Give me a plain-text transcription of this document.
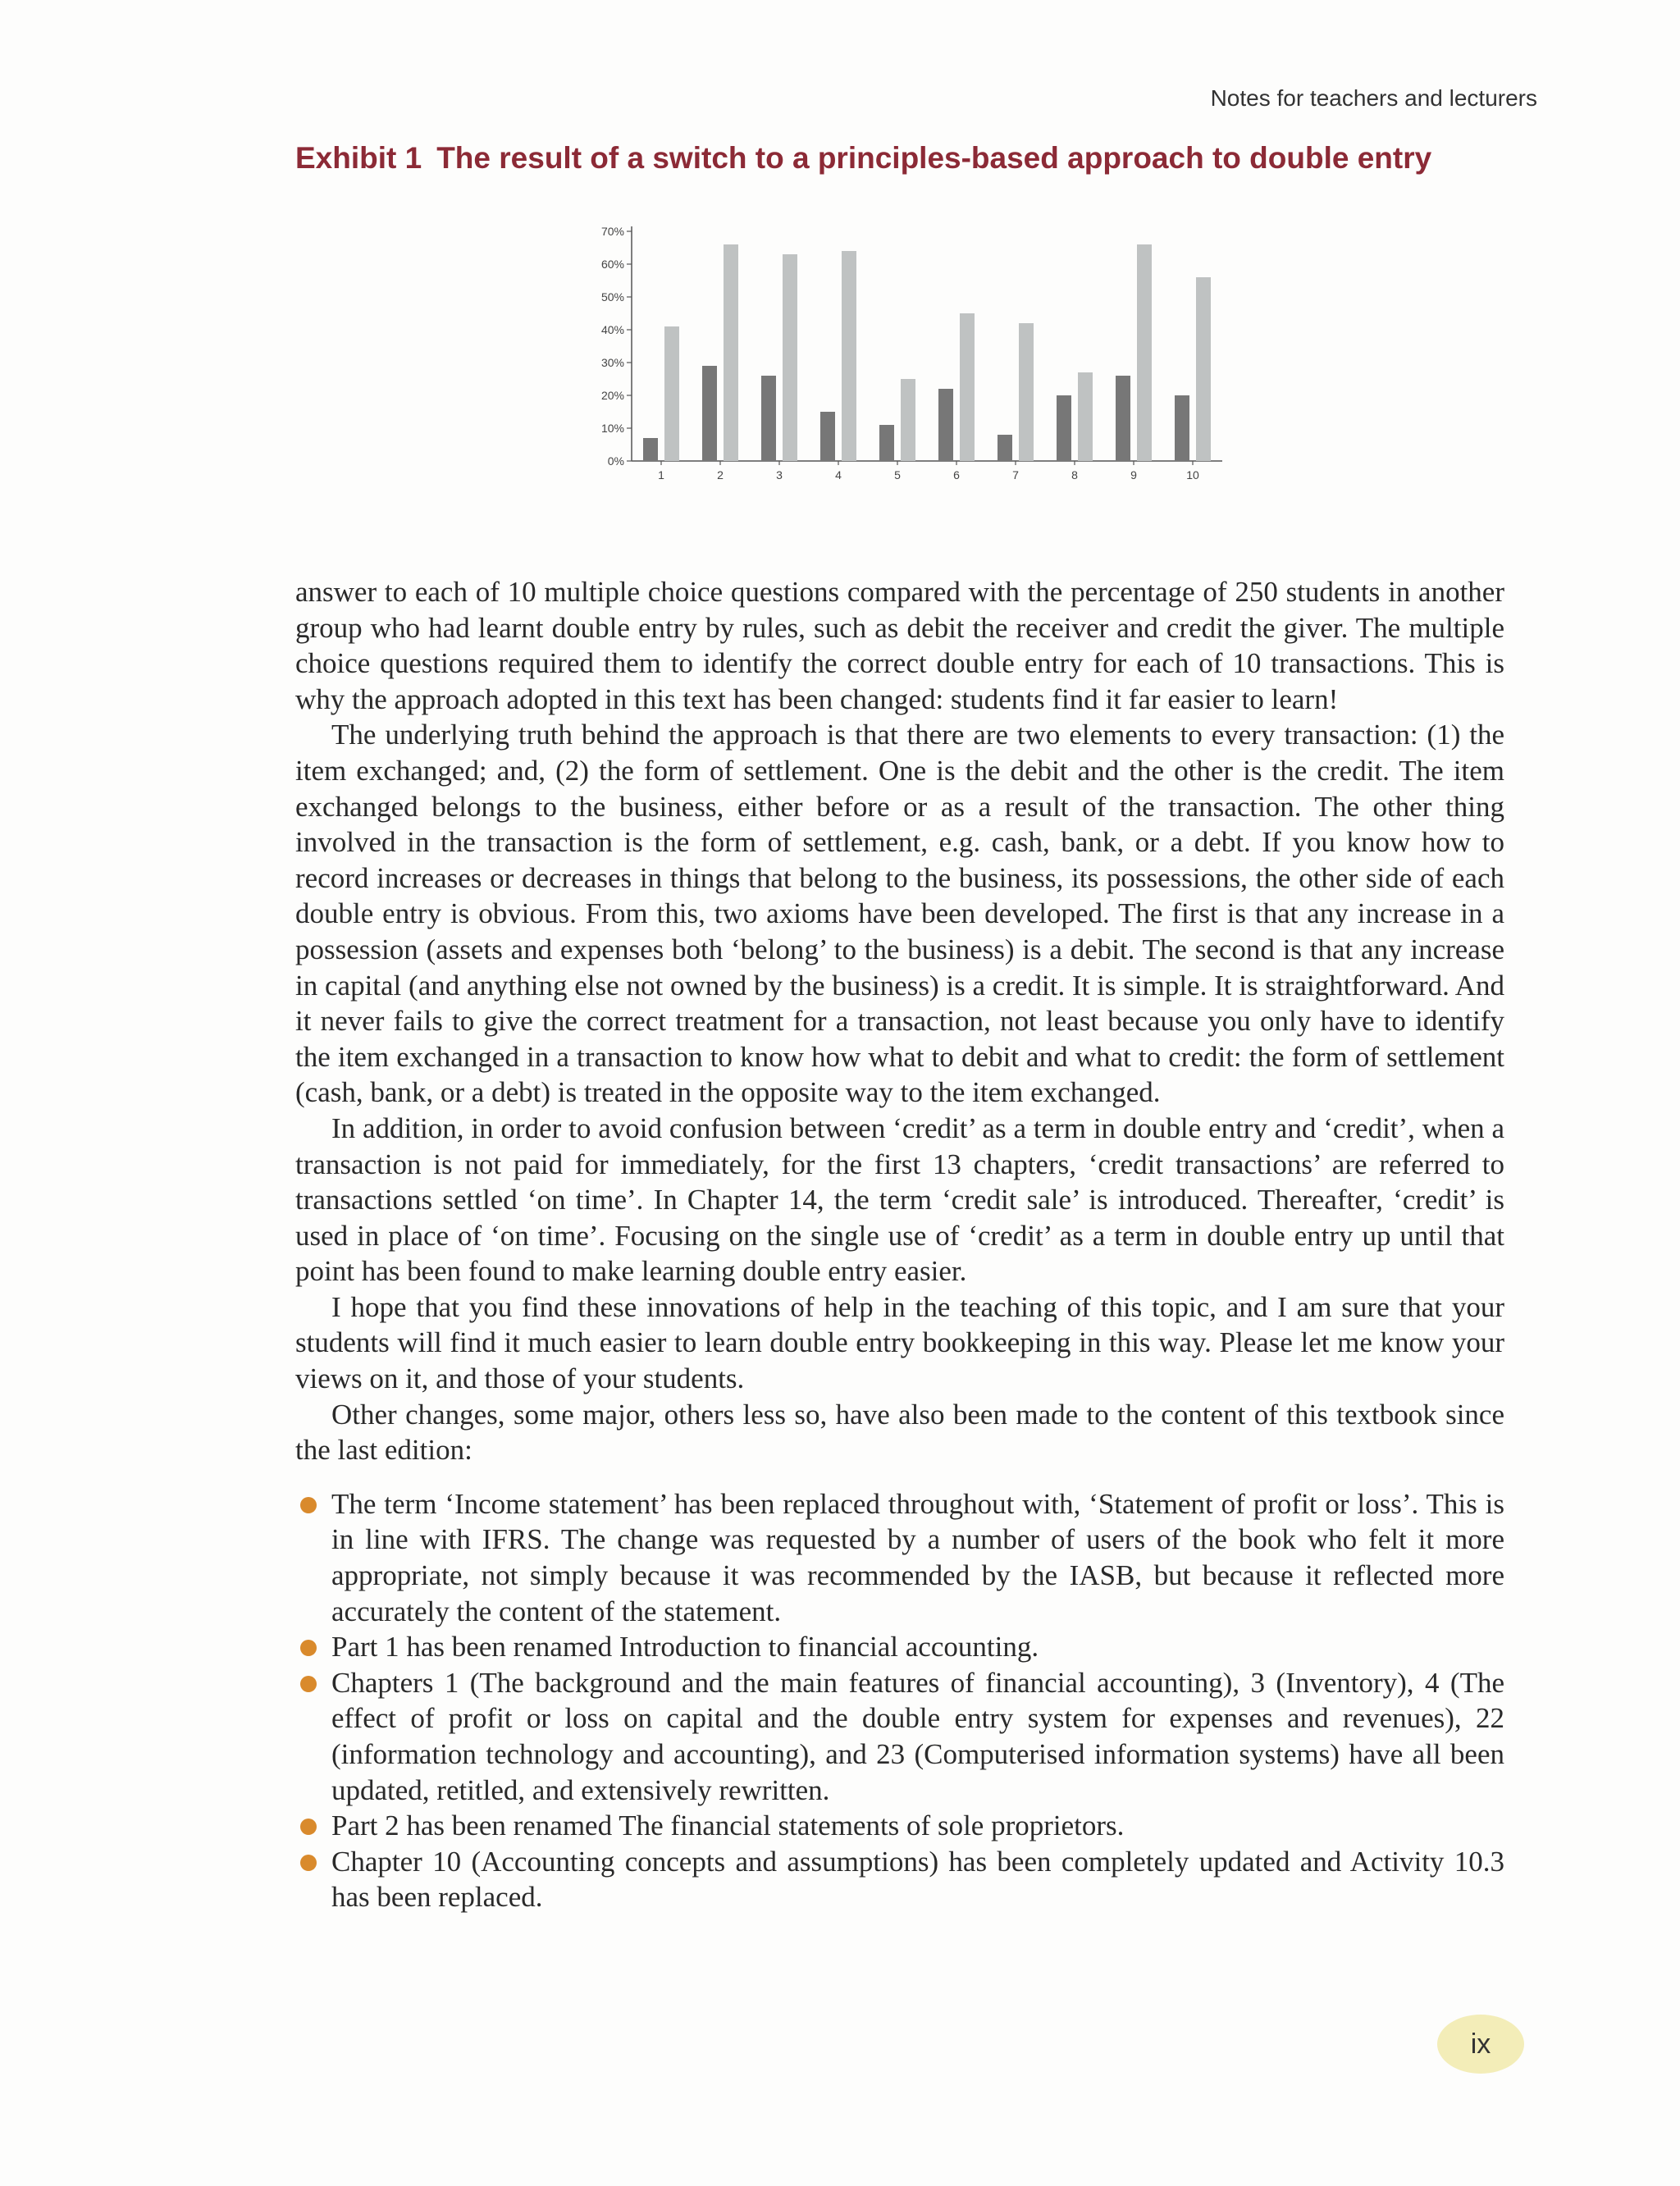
Notes for teachers and lecturers
Exhibit 1 The result of a switch to a principles-based approach to double entry
0%
10%
20%
30%
40%
50%
60%
70%
1	2	3	4	5	6	7	8	9	10

answer to each of 10 multiple choice questions compared with the percentage of 250 students in another group who had learnt double entry by rules, such as debit the receiver and credit the giver. The multiple choice questions required them to identify the correct double entry for each of 10 transactions. This is why the approach adopted in this text has been changed: students find it far easier to learn!

The underlying truth behind the approach is that there are two elements to every transaction: (1) the item exchanged; and, (2) the form of settlement. One is the debit and the other is the credit. The item exchanged belongs to the business, either before or as a result of the transaction. The other thing involved in the transaction is the form of settlement, e.g. cash, bank, or a debt. If you know how to record increases or decreases in things that belong to the business, its possessions, the other side of each double entry is obvious. From this, two axioms have been developed. The first is that any increase in a possession (assets and expenses both ‘belong’ to the business) is a debit. The second is that any increase in capital (and anything else not owned by the business) is a credit. It is simple. It is straightforward. And it never fails to give the correct treatment for a transaction, not least because you only have to identify the item exchanged in a transaction to know how what to debit and what to credit: the form of settlement (cash, bank, or a debt) is treated in the opposite way to the item exchanged.

In addition, in order to avoid confusion between ‘credit’ as a term in double entry and ‘credit’, when a transaction is not paid for immediately, for the first 13 chapters, ‘credit transactions’ are referred to transactions settled ‘on time’. In Chapter 14, the term ‘credit sale’ is introduced. Thereafter, ‘credit’ is used in place of ‘on time’. Focusing on the single use of ‘credit’ as a term in double entry up until that point has been found to make learning double entry easier.

I hope that you find these innovations of help in the teaching of this topic, and I am sure that your students will find it much easier to learn double entry bookkeeping in this way. Please let me know your views on it, and those of your students.

Other changes, some major, others less so, have also been made to the content of this textbook since the last edition:

The term ‘Income statement’ has been replaced throughout with, ‘Statement of profit or loss’. This is in line with IFRS. The change was requested by a number of users of the book who felt it more appropriate, not simply because it was recommended by the IASB, but because it reflected more accurately the content of the statement.
Part 1 has been renamed Introduction to financial accounting.
Chapters 1 (The background and the main features of financial accounting), 3 (Inventory), 4 (The effect of profit or loss on capital and the double entry system for expenses and revenues), 22 (information technology and accounting), and 23 (Computerised information systems) have all been updated, retitled, and extensively rewritten.
Part 2 has been renamed The financial statements of sole proprietors.
Chapter 10 (Accounting concepts and assumptions) has been completely updated and Activity 10.3 has been replaced.
ix
